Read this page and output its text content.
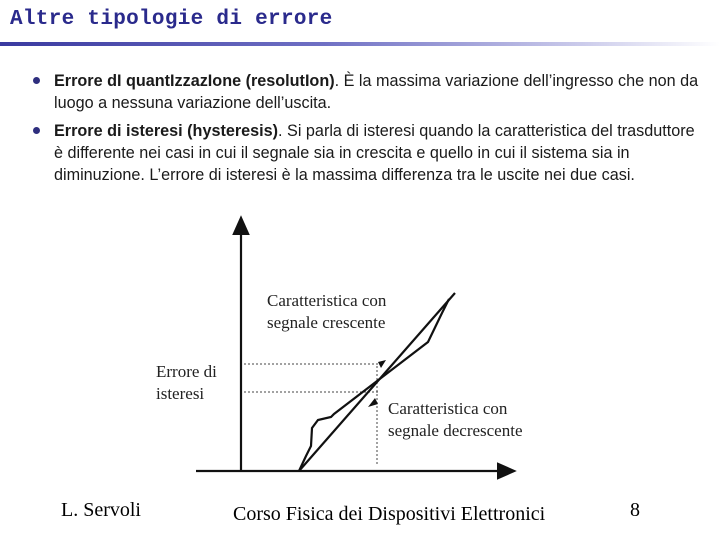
Altre tipologie di errore
Errore dI quantIzzazIone (resolutIon). È la massima variazione dell’ingresso che non da luogo a nessuna variazione dell’uscita.
Errore di isteresi (hysteresis). Si parla di isteresi quando la caratteristica del trasduttore è differente nei casi in cui il segnale sia in crescita e quello in cui il sistema sia in diminuzione. L’errore di isteresi è la massima differenza tra le uscite nei due casi.
Caratteristica con
segnale crescente
Errore di
isteresi
Caratteristica con
segnale decrescente
L. Servoli	Corso Fisica dei Dispositivi Elettronici	8
